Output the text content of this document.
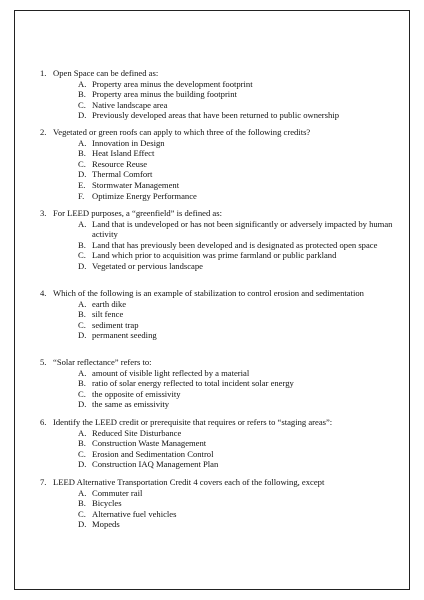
1. Open Space can be defined as:
A. Property area minus the development footprint
B. Property area minus the building footprint
C. Native landscape area
D. Previously developed areas that have been returned to public ownership
2. Vegetated or green roofs can apply to which three of the following credits?
A. Innovation in Design
B. Heat Island Effect
C. Resource Reuse
D. Thermal Comfort
E. Stormwater Management
F. Optimize Energy Performance
3. For LEED purposes, a “greenfield” is defined as:
A. Land that is undeveloped or has not been significantly or adversely impacted by human activity
B. Land that has previously been developed and is designated as protected open space
C. Land which prior to acquisition was prime farmland or public parkland
D. Vegetated or pervious landscape
4. Which of the following is an example of stabilization to control erosion and sedimentation
A. earth dike
B. silt fence
C. sediment trap
D. permanent seeding
5. “Solar reflectance” refers to:
A. amount of visible light reflected by a material
B. ratio of solar energy reflected to total incident solar energy
C. the opposite of emissivity
D. the same as emissivity
6. Identify the LEED credit or prerequisite that requires or refers to “staging areas”:
A. Reduced Site Disturbance
B. Construction Waste Management
C. Erosion and Sedimentation Control
D. Construction IAQ Management Plan
7. LEED Alternative Transportation Credit 4 covers each of the following, except
A. Commuter rail
B. Bicycles
C. Alternative fuel vehicles
D. Mopeds
